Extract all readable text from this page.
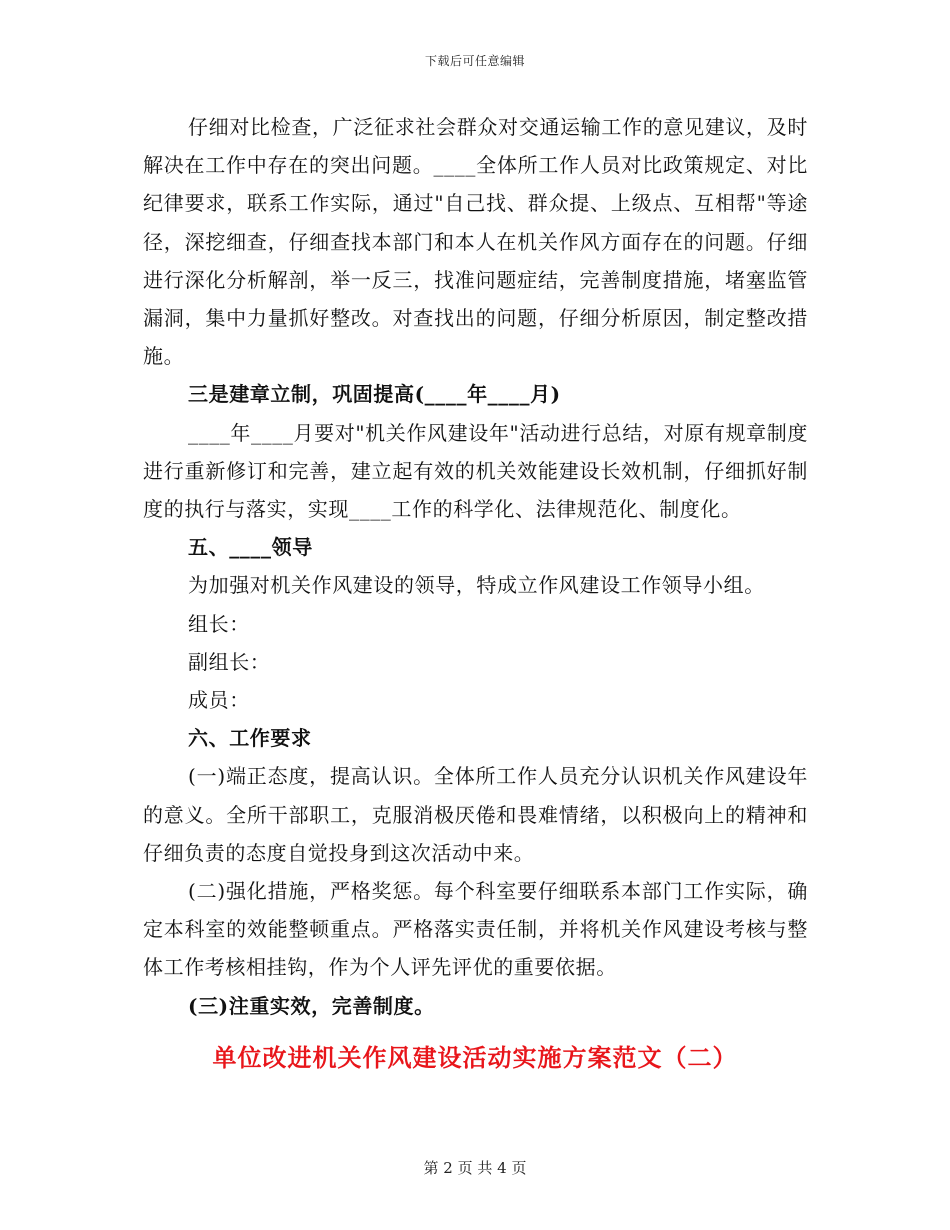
下载后可任意编辑

仔细对比检查，广泛征求社会群众对交通运输工作的意见建议，及时解决在工作中存在的突出问题。____全体所工作人员对比政策规定、对比纪律要求，联系工作实际，通过"自己找、群众提、上级点、互相帮"等途径，深挖细查，仔细查找本部门和本人在机关作风方面存在的问题。仔细进行深化分析解剖，举一反三，找准问题症结，完善制度措施，堵塞监管漏洞，集中力量抓好整改。对查找出的问题，仔细分析原因，制定整改措施。

三是建章立制，巩固提高(____年____月)

____年____月要对"机关作风建设年"活动进行总结，对原有规章制度进行重新修订和完善，建立起有效的机关效能建设长效机制，仔细抓好制度的执行与落实，实现____工作的科学化、法律规范化、制度化。

五、____领导

为加强对机关作风建设的领导，特成立作风建设工作领导小组。

组长：

副组长：

成员：

六、工作要求

(一)端正态度，提高认识。全体所工作人员充分认识机关作风建设年的意义。全所干部职工，克服消极厌倦和畏难情绪，以积极向上的精神和仔细负责的态度自觉投身到这次活动中来。

(二)强化措施，严格奖惩。每个科室要仔细联系本部门工作实际，确定本科室的效能整顿重点。严格落实责任制，并将机关作风建设考核与整体工作考核相挂钩，作为个人评先评优的重要依据。

(三)注重实效，完善制度。

单位改进机关作风建设活动实施方案范文（二）
第 2 页 共 4 页
